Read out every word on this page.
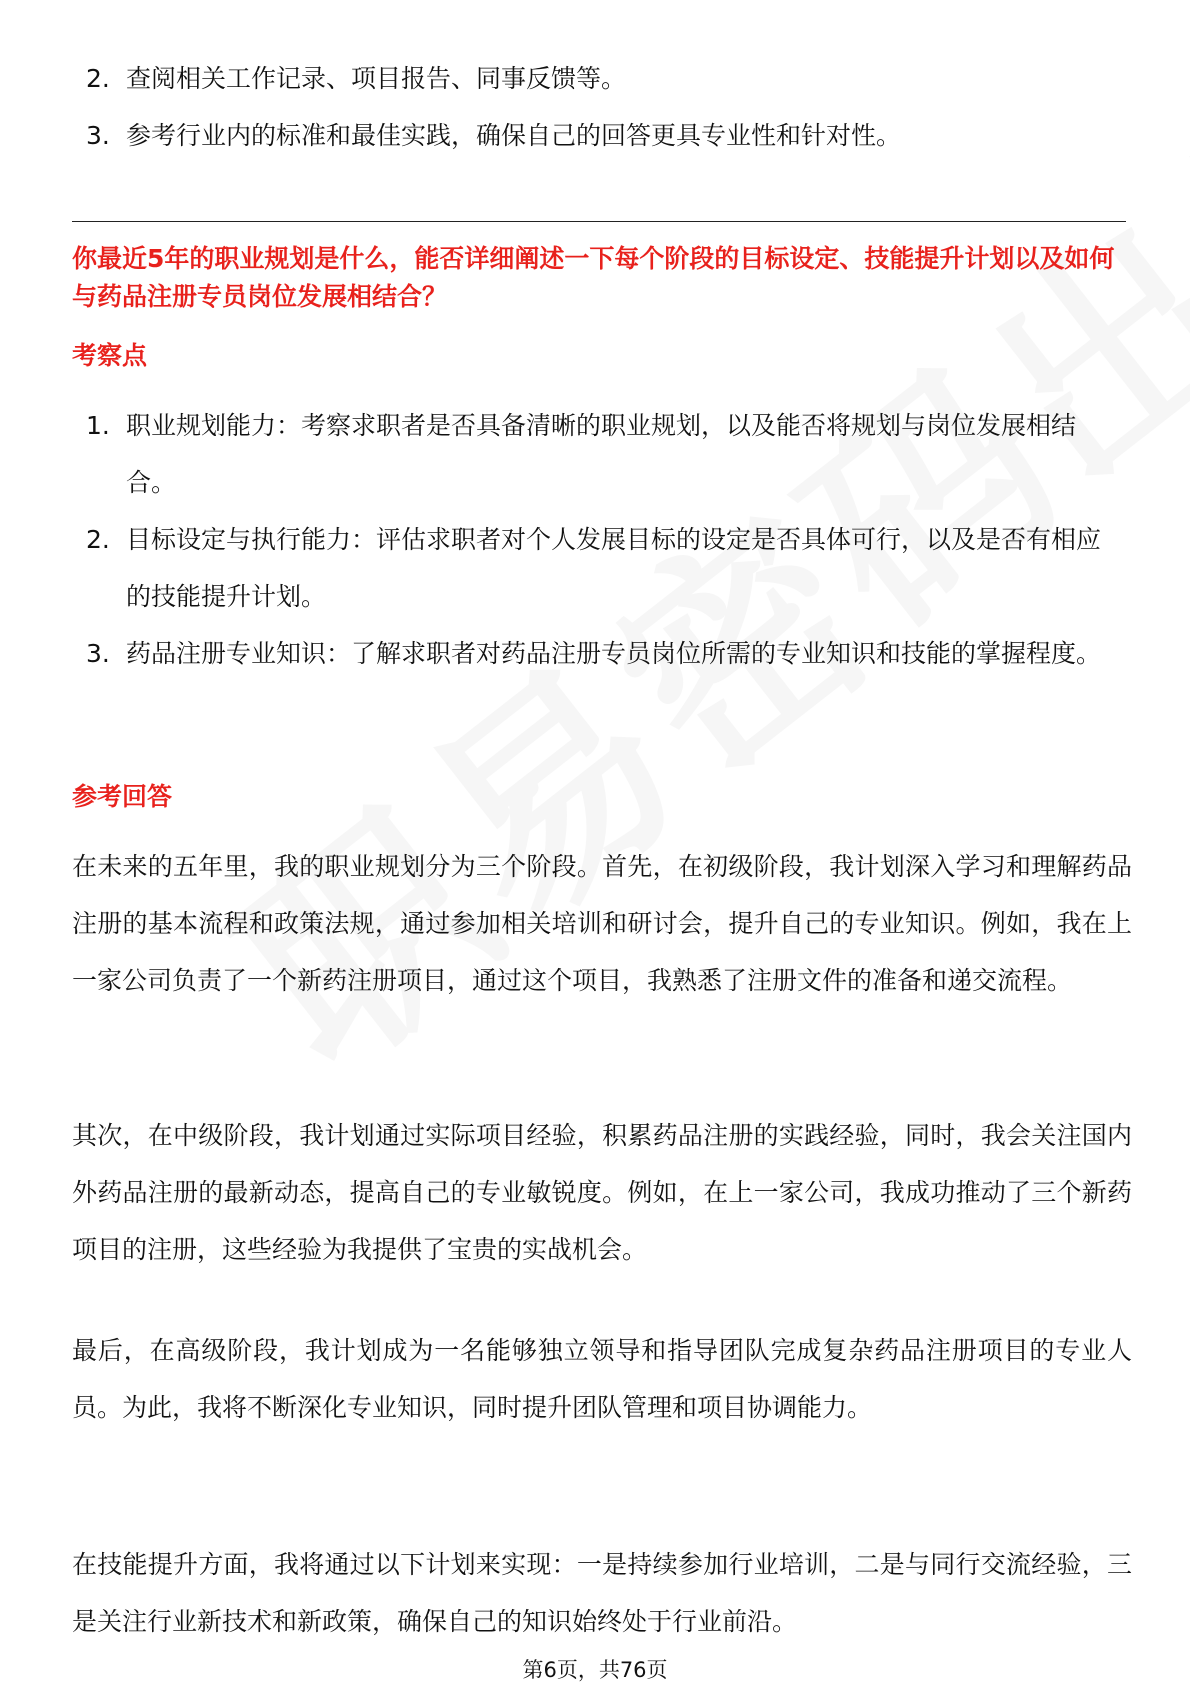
2. 查阅相关工作记录、项目报告、同事反馈等。
3. 参考行业内的标准和最佳实践，确保自己的回答更具专业性和针对性。
你最近5年的职业规划是什么，能否详细阐述一下每个阶段的目标设定、技能提升计划以及如何与药品注册专员岗位发展相结合？
考察点
1. 职业规划能力：考察求职者是否具备清晰的职业规划，以及能否将规划与岗位发展相结合。
2. 目标设定与执行能力：评估求职者对个人发展目标的设定是否具体可行，以及是否有相应的技能提升计划。
3. 药品注册专业知识：了解求职者对药品注册专员岗位所需的专业知识和技能的掌握程度。
参考回答

在未来的五年里，我的职业规划分为三个阶段。首先，在初级阶段，我计划深入学习和理解药品注册的基本流程和政策法规，通过参加相关培训和研讨会，提升自己的专业知识。例如，我在上一家公司负责了一个新药注册项目，通过这个项目，我熟悉了注册文件的准备和递交流程。

其次，在中级阶段，我计划通过实际项目经验，积累药品注册的实践经验，同时，我会关注国内外药品注册的最新动态，提高自己的专业敏锐度。例如，在上一家公司，我成功推动了三个新药项目的注册，这些经验为我提供了宝贵的实战机会。

最后，在高级阶段，我计划成为一名能够独立领导和指导团队完成复杂药品注册项目的专业人员。为此，我将不断深化专业知识，同时提升团队管理和项目协调能力。

在技能提升方面，我将通过以下计划来实现：一是持续参加行业培训，二是与同行交流经验，三是关注行业新技术和新政策，确保自己的知识始终处于行业前沿。

第6页，共76页
